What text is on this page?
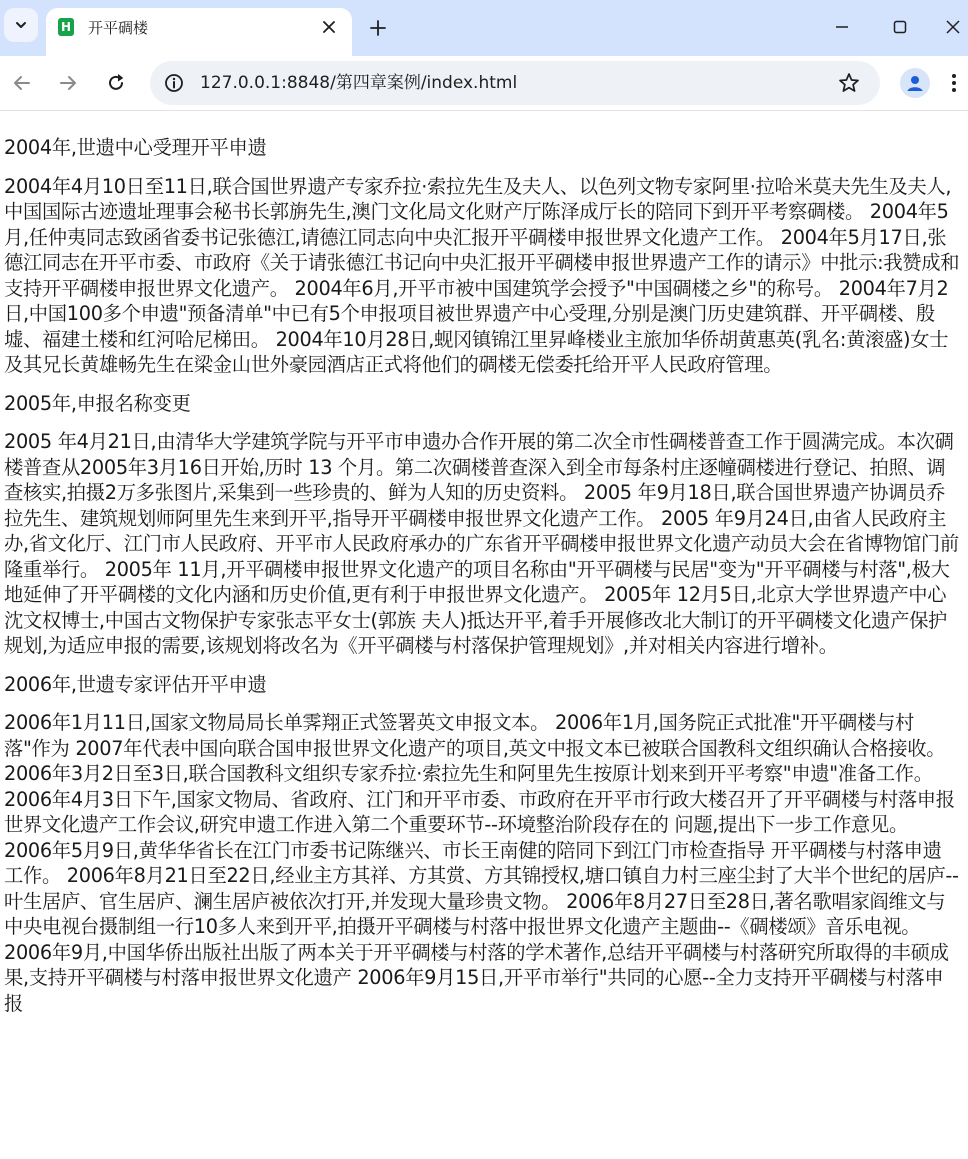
H 开平碉楼
127.0.0.1:8848/第四章案例/index.html
2004年,世遗中心受理开平申遗

2004年4月10日至11日,联合国世界遗产专家乔拉·索拉先生及夫人、以色列文物专家阿里·拉哈米莫夫先生及夫人,中国国际古迹遗址理事会秘书长郭旃先生,澳门文化局文化财产厅陈泽成厅长的陪同下到开平考察碉楼。 2004年5月,任仲夷同志致函省委书记张德江,请德江同志向中央汇报开平碉楼申报世界文化遗产工作。 2004年5月17日,张德江同志在开平市委、市政府《关于请张德江书记向中央汇报开平碉楼申报世界遗产工作的请示》中批示:我赞成和支持开平碉楼申报世界文化遗产。 2004年6月,开平市被中国建筑学会授予"中国碉楼之乡"的称号。 2004年7月2日,中国100多个申遗"预备清单"中已有5个申报项目被世界遗产中心受理,分别是澳门历史建筑群、开平碉楼、殷墟、福建土楼和红河哈尼梯田。 2004年10月28日,蚬冈镇锦江里昇峰楼业主旅加华侨胡黄惠英(乳名:黄滚盛)女士及其兄长黄雄畅先生在梁金山世外豪园酒店正式将他们的碉楼无偿委托给开平人民政府管理。

2005年,申报名称变更

2005 年4月21日,由清华大学建筑学院与开平市申遗办合作开展的第二次全市性碉楼普查工作于圆满完成。本次碉楼普查从2005年3月16日开始,历时 13 个月。第二次碉楼普查深入到全市每条村庄逐幢碉楼进行登记、拍照、调查核实,拍摄2万多张图片,采集到一些珍贵的、鲜为人知的历史资料。 2005 年9月18日,联合国世界遗产协调员乔拉先生、建筑规划师阿里先生来到开平,指导开平碉楼申报世界文化遗产工作。 2005 年9月24日,由省人民政府主办,省文化厅、江门市人民政府、开平市人民政府承办的广东省开平碉楼申报世界文化遗产动员大会在省博物馆门前隆重举行。 2005年 11月,开平碉楼申报世界文化遗产的项目名称由"开平碉楼与民居"变为"开平碉楼与村落",极大地延伸了开平碉楼的文化内涵和历史价值,更有利于申报世界文化遗产。 2005年 12月5日,北京大学世界遗产中心沈文权博士,中国古文物保护专家张志平女士(郭族 夫人)抵达开平,着手开展修改北大制订的开平碉楼文化遗产保护规划,为适应申报的需要,该规划将改名为《开平碉楼与村落保护管理规划》,并对相关内容进行增补。

2006年,世遗专家评估开平申遗

2006年1月11日,国家文物局局长单霁翔正式签署英文申报文本。 2006年1月,国务院正式批准"开平碉楼与村落"作为 2007年代表中国向联合国申报世界文化遗产的项目,英文中报文本已被联合国教科文组织确认合格接收。 2006年3月2日至3日,联合国教科文组织专家乔拉·索拉先生和阿里先生按原计划来到开平考察"申遗"准备工作。 2006年4月3日下午,国家文物局、省政府、江门和开平市委、市政府在开平市行政大楼召开了开平碉楼与村落申报世界文化遗产工作会议,研究申遗工作进入第二个重要环节--环境整治阶段存在的 问题,提出下一步工作意见。 2006年5月9日,黄华华省长在江门市委书记陈继兴、市长王南健的陪同下到江门市检查指导 开平碉楼与村落申遗工作。 2006年8月21日至22日,经业主方其祥、方其赏、方其锦授权,塘口镇自力村三座尘封了大半个世纪的居庐--叶生居庐、官生居庐、澜生居庐被依次打开,并发现大量珍贵文物。 2006年8月27日至28日,著名歌唱家阎维文与中央电视台摄制组一行10多人来到开平,拍摄开平碉楼与村落中报世界文化遗产主题曲--《碉楼颂》音乐电视。 2006年9月,中国华侨出版社出版了两本关于开平碉楼与村落的学术著作,总结开平碉楼与村落研究所取得的丰硕成果,支持开平碉楼与村落申报世界文化遗产 2006年9月15日,开平市举行"共同的心愿--全力支持开平碉楼与村落申报
